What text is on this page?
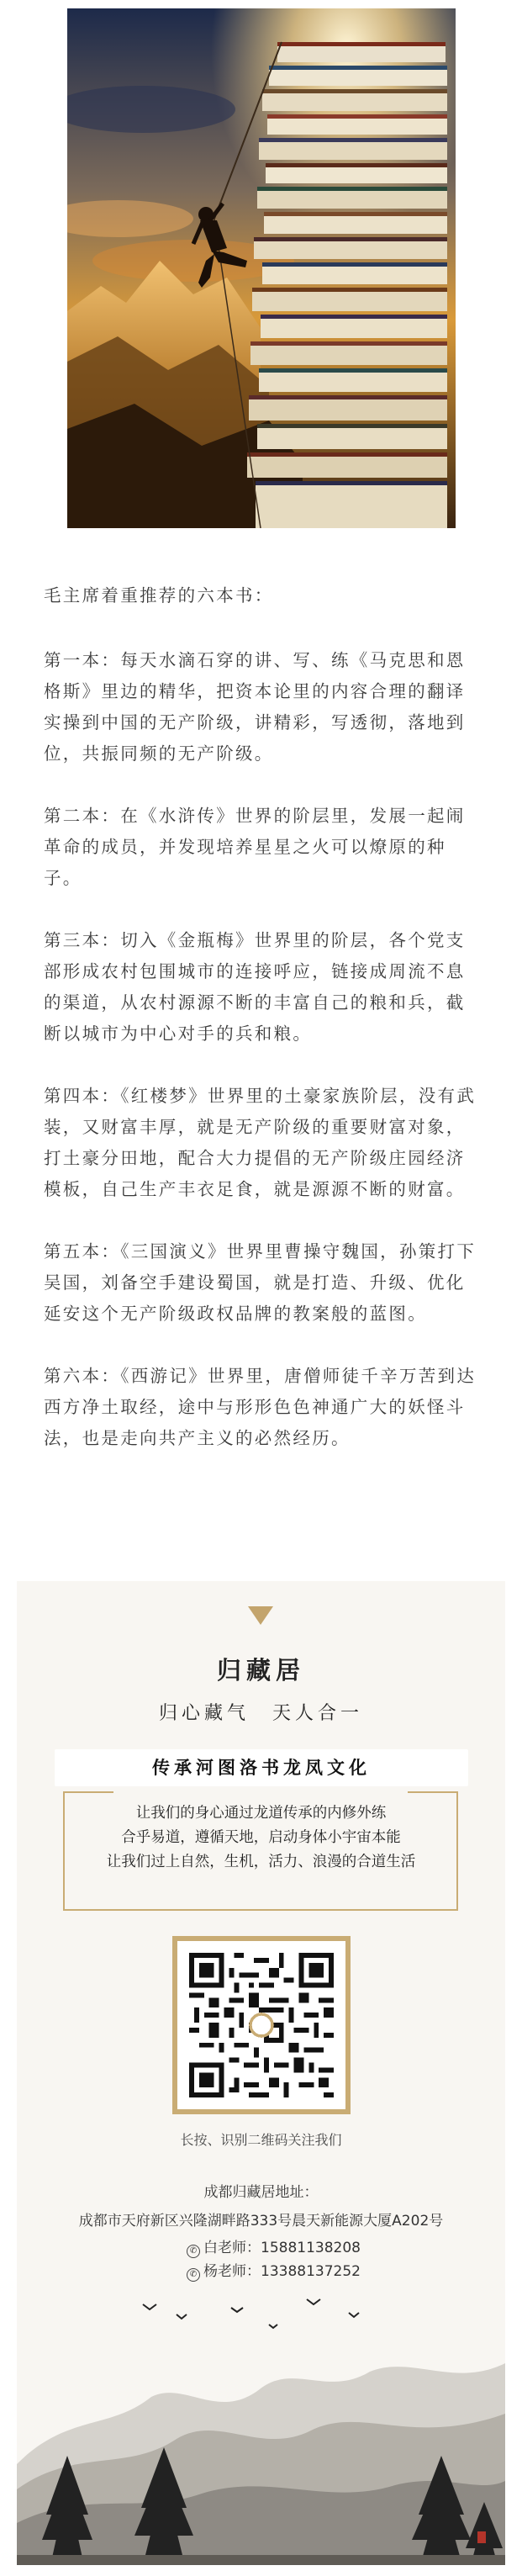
毛主席着重推荐的六本书：

第一本：每天水滴石穿的讲、写、练《马克思和恩格斯》里边的精华，把资本论里的内容合理的翻译实操到中国的无产阶级，讲精彩，写透彻，落地到位，共振同频的无产阶级。

第二本：在《水浒传》世界的阶层里，发展一起闹革命的成员，并发现培养星星之火可以燎原的种子。

第三本：切入《金瓶梅》世界里的阶层，各个党支部形成农村包围城市的连接呼应，链接成周流不息的渠道，从农村源源不断的丰富自己的粮和兵，截断以城市为中心对手的兵和粮。

第四本：《红楼梦》世界里的土豪家族阶层，没有武装，又财富丰厚，就是无产阶级的重要财富对象，打土豪分田地，配合大力提倡的无产阶级庄园经济模板，自己生产丰衣足食，就是源源不断的财富。

第五本：《三国演义》世界里曹操守魏国，孙策打下吴国，刘备空手建设蜀国，就是打造、升级、优化延安这个无产阶级政权品牌的教案般的蓝图。

第六本：《西游记》世界里，唐僧师徒千辛万苦到达西方净土取经，途中与形形色色神通广大的妖怪斗法，也是走向共产主义的必然经历。

归藏居
归心藏气　天人合一
传承河图洛书龙凤文化
让我们的身心通过龙道传承的内修外练
合乎易道，遵循天地，启动身体小宇宙本能
让我们过上自然，生机，活力、浪漫的合道生活
长按、识别二维码关注我们
成都归藏居地址：
成都市天府新区兴隆湖畔路333号晨天新能源大厦A202号
✆ 白老师：15881138208
✆ 杨老师：13388137252
